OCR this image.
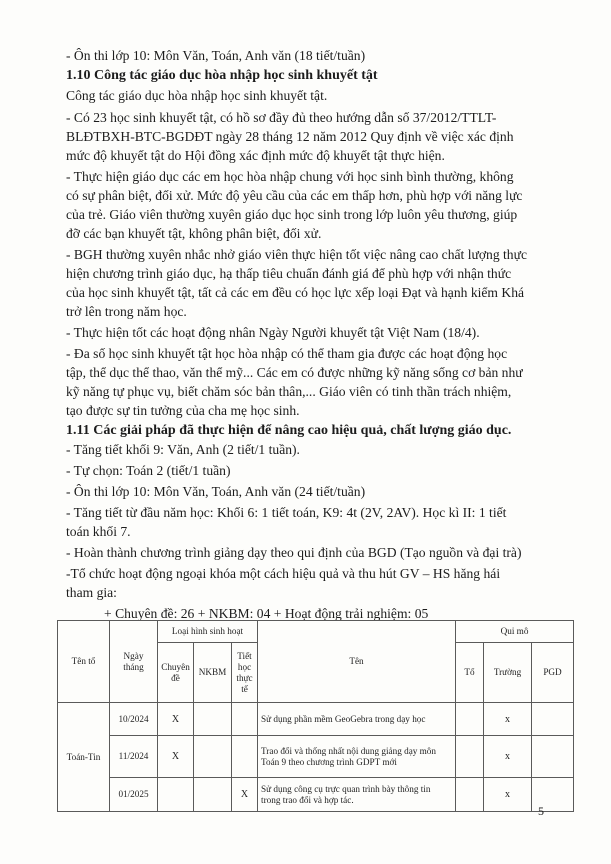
- Ôn thi lớp 10: Môn Văn, Toán, Anh văn (18 tiết/tuần)
1.10 Công tác giáo dục hòa nhập học sinh khuyết tật
Công tác giáo dục hòa nhập học sinh khuyết tật.
- Có 23 học sinh khuyết tật, có hồ sơ đầy đủ theo hướng dẫn số 37/2012/TTLT-
BLĐTBXH-BTC-BGDĐT ngày 28 tháng 12 năm 2012 Quy định về việc xác định
mức độ khuyết tật do Hội đồng xác định mức độ khuyết tật thực hiện.
- Thực hiện giáo dục các em học hòa nhập chung với học sinh bình thường, không
có sự phân biệt, đối xử. Mức độ yêu cầu của các em thấp hơn, phù hợp với năng lực
của trẻ. Giáo viên thường xuyên giáo dục học sinh trong lớp luôn yêu thương, giúp
đỡ các bạn khuyết tật, không phân biệt, đối xử.
- BGH thường xuyên nhắc nhở giáo viên thực hiện tốt việc nâng cao chất lượng thực
hiện chương trình giáo dục, hạ thấp tiêu chuẩn đánh giá để phù hợp với nhận thức
của học sinh khuyết tật, tất cả các em đều có học lực xếp loại Đạt và hạnh kiểm Khá
trở lên trong năm học.
- Thực hiện tốt các hoạt động nhân Ngày Người khuyết tật Việt Nam (18/4).
- Đa số học sinh khuyết tật học hòa nhập có thể tham gia được các hoạt động học
tập, thể dục thể thao, văn thể mỹ... Các em có được những kỹ năng sống cơ bản như
kỹ năng tự phục vụ, biết chăm sóc bản thân,... Giáo viên có tinh thần trách nhiệm,
tạo được sự tin tưởng của cha mẹ học sinh.
1.11 Các giải pháp đã thực hiện để nâng cao hiệu quả, chất lượng giáo dục.
- Tăng tiết khối 9: Văn, Anh (2 tiết/1 tuần).
- Tự chọn: Toán 2 (tiết/1 tuần)
- Ôn thi lớp 10: Môn Văn, Toán, Anh văn (24 tiết/tuần)
- Tăng tiết từ đầu năm học: Khối 6: 1 tiết toán, K9: 4t (2V, 2AV). Học kì II: 1 tiết
toán khối 7.
- Hoàn thành chương trình giảng dạy theo qui định của BGD (Tạo nguồn và đại trà)
-Tổ chức hoạt động ngoại khóa một cách hiệu quả và thu hút GV – HS hăng hái
tham gia:
+ Chuyên đề: 26 + NKBM: 04 + Hoạt động trải nghiệm: 05
Tên tổ	Ngày tháng	Loại hình sinh hoạt			Tên	Qui mô		
		Chuyên đề	NKBM	Tiết học thực tế		Tổ	Trường	PGD
Toán-Tin	10/2024	X			Sử dụng phần mềm GeoGebra trong dạy học		x	
	11/2024	X			Trao đổi và thống nhất nội dung giảng dạy môn Toán 9 theo chương trình GDPT mới		x	
	01/2025			X	Sử dụng công cụ trực quan trình bày thông tin trong trao đổi và hợp tác.		x	
5
